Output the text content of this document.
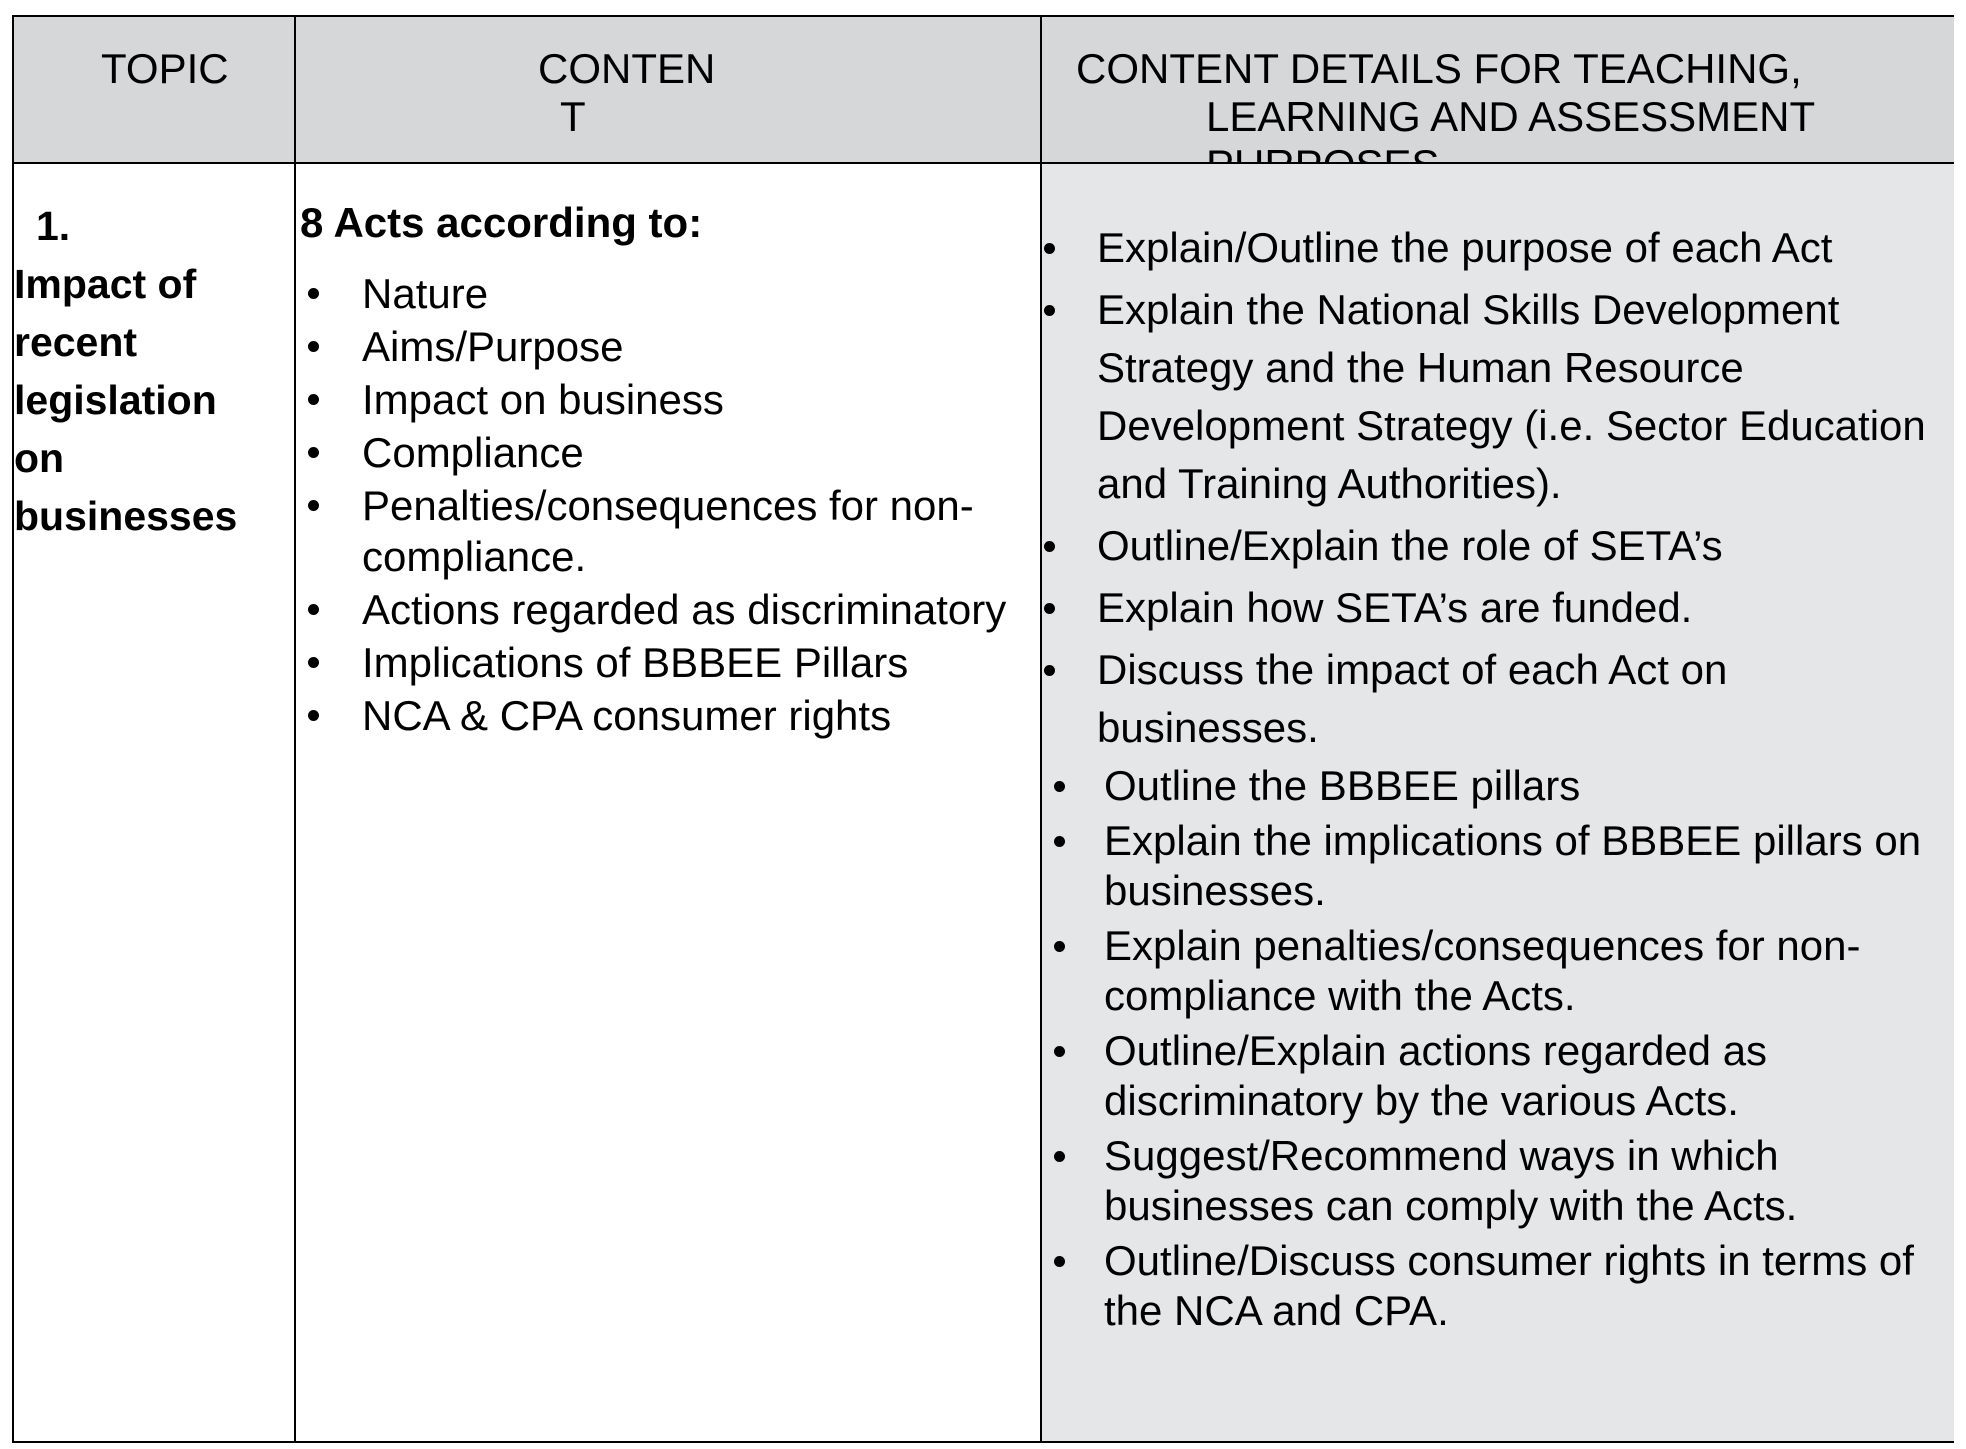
TOPIC	CONTEN
T
CONTENT DETAILS FOR TEACHING,
LEARNING AND ASSESSMENT
Explain/Outline the purpose of each Act
Explain the National Skills Development Strategy and the Human Resource Development Strategy (i.e. Sector Education and Training Authorities).
Outline/Explain the role of SETA’s
Explain how SETA’s are funded.
Discuss the impact of each Act on businesses.
Outline the BBBEE pillars
Explain the implications of BBBEE pillars on businesses.
Explain penalties/consequences for non-compliance with the Acts.
Outline/Explain actions regarded as discriminatory by the various Acts.
Suggest/Recommend ways in which businesses can comply with the Acts.
Outline/Discuss consumer rights in terms of the NCA and CPA.
1.
Impact of
recent
legislation
on
businesses
8 Acts according to:
Nature
Aims/Purpose
Impact on business
Compliance
Penalties/consequences for non-compliance.
Actions regarded as discriminatory
Implications of BBBEE Pillars
NCA & CPA consumer rights
